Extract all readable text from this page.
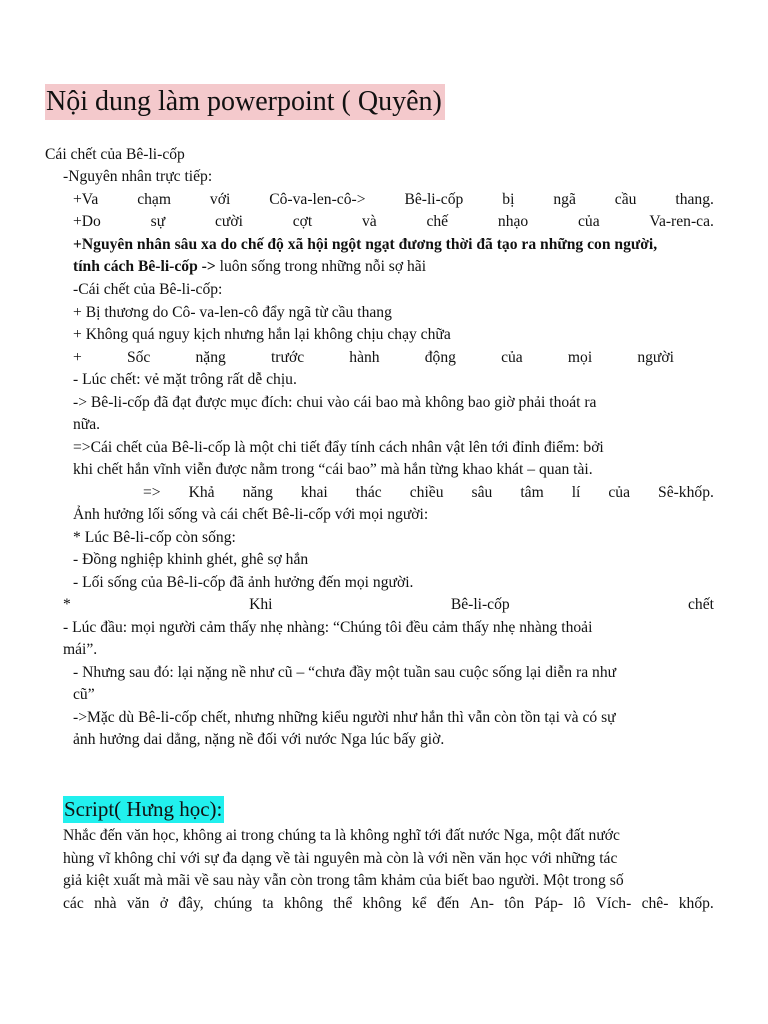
Nội dung làm powerpoint ( Quyên)
Cái chết của Bê-li-cốp
-Nguyên nhân trực tiếp:
+Va chạm với Cô-va-len-cô-> Bê-li-cốp bị ngã cầu thang.
+Do	sự	cười	cợt	và	chế	nhạo	của	Va-ren-ca.
+Nguyên nhân sâu xa do chế độ xã hội ngột ngạt đương thời đã tạo ra những con người,
tính cách Bê-li-cốp -> luôn sống trong những nỗi sợ hãi
-Cái chết của Bê-li-cốp:
+ Bị thương do Cô- va-len-cô đẩy ngã từ cầu thang
+ Không quá nguy kịch nhưng hắn lại không chịu chạy chữa
+	Sốc	nặng	trước	hành	động	của	mọi	người
- Lúc chết: vẻ mặt trông rất dễ chịu.
-> Bê-li-cốp đã đạt được mục đích: chui vào cái bao mà không bao giờ phải thoát ra
nữa.
=>Cái chết của Bê-li-cốp là một chi tiết đẩy tính cách nhân vật lên tới đỉnh điểm: bởi
khi chết hắn vĩnh viễn được nằm trong “cái bao” mà hắn từng khao khát – quan tài.
=> Khả năng khai thác chiều sâu tâm lí của Sê-khốp.
Ảnh hưởng lối sống và cái chết Bê-li-cốp với mọi người:
* Lúc Bê-li-cốp còn sống:
- Đồng nghiệp khinh ghét, ghê sợ hắn
- Lối sống của Bê-li-cốp đã ảnh hưởng đến mọi người.
*	Khi	Bê-li-cốp	chết
- Lúc đầu: mọi người cảm thấy nhẹ nhàng: “Chúng tôi đều cảm thấy nhẹ nhàng thoải
mái”.
- Nhưng sau đó: lại nặng nề như cũ – “chưa đầy một tuần sau cuộc sống lại diễn ra như
cũ”
->Mặc dù Bê-li-cốp chết, nhưng những kiểu người như hắn thì vẫn còn tồn tại và có sự
ảnh hưởng dai dẳng, nặng nề đối với nước Nga lúc bấy giờ.
Script( Hưng học):
Nhắc đến văn học, không ai trong chúng ta là không nghĩ tới đất nước Nga, một đất nước
hùng vĩ không chỉ với sự đa dạng về tài nguyên mà còn là với nền văn học với những tác
giả kiệt xuất mà mãi về sau này vẫn còn trong tâm khảm của biết bao người. Một trong số
các nhà văn ở đây, chúng ta không thể không kể đến An- tôn Páp- lô Vích- chê- khốp.
